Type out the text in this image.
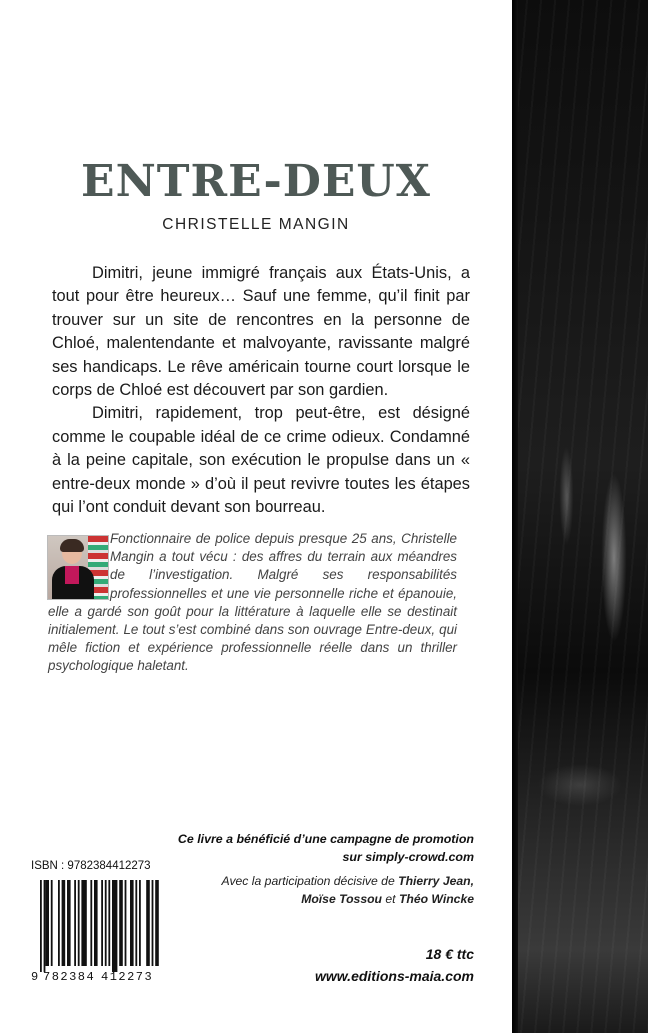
ENTRE-DEUX
CHRISTELLE MANGIN

Dimitri, jeune immigré français aux États-Unis, a tout pour être heureux… Sauf une femme, qu’il finit par trouver sur un site de rencontres en la personne de Chloé, malentendante et malvoyante, ravissante malgré ses handicaps. Le rêve américain tourne court lorsque le corps de Chloé est découvert par son gardien.

Dimitri, rapidement, trop peut-être, est désigné comme le coupable idéal de ce crime odieux. Condamné à la peine capitale, son exécution le propulse dans un « entre-deux monde » d’où il peut revivre toutes les étapes qui l’ont conduit devant son bourreau.

Fonctionnaire de police depuis presque 25 ans, Christelle Mangin a tout vécu : des affres du terrain aux méandres de l’investigation. Malgré ses responsabilités professionnelles et une vie personnelle riche et épanouie, elle a gardé son goût pour la littérature à laquelle elle se destinait initialement. Le tout s’est combiné dans son ouvrage Entre-deux, qui mêle fiction et expérience professionnelle réelle dans un thriller psychologique haletant.
Ce livre a bénéficié d’une campagne de promotion
sur simply-crowd.com
Avec la participation décisive de Thierry Jean,
Moïse Tossou et Théo Wincke
ISBN : 9782384412273
9 782384 412273
18 € ttc
www.editions-maia.com
